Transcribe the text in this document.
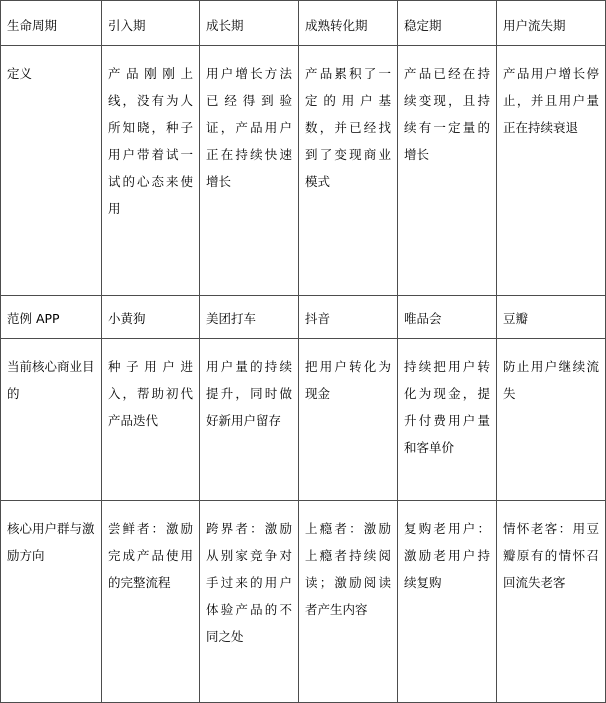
生命周期	引入期	成长期	成熟转化期	稳定期	用户流失期
定义	产品刚刚上线，没有为人所知晓，种子用户带着试一试的心态来使用	用户增长方法已经得到验证，产品用户正在持续快速增长	产品累积了一定的用户基数，并已经找到了变现商业模式	产品已经在持续变现，且持续有一定量的增长	产品用户增长停止，并且用户量正在持续衰退
范例 APP	小黄狗	美团打车	抖音	唯品会	豆瓣
当前核心商业目的	种子用户进入，帮助初代产品迭代	用户量的持续提升，同时做好新用户留存	把用户转化为现金	持续把用户转化为现金，提升付费用户量和客单价	防止用户继续流失
核心用户群与激励方向	尝鲜者：激励完成产品使用的完整流程	跨界者：激励从别家竞争对手过来的用户体验产品的不同之处	上瘾者：激励上瘾者持续阅读；激励阅读者产生内容	复购老用户：激励老用户持续复购	情怀老客：用豆瓣原有的情怀召回流失老客
